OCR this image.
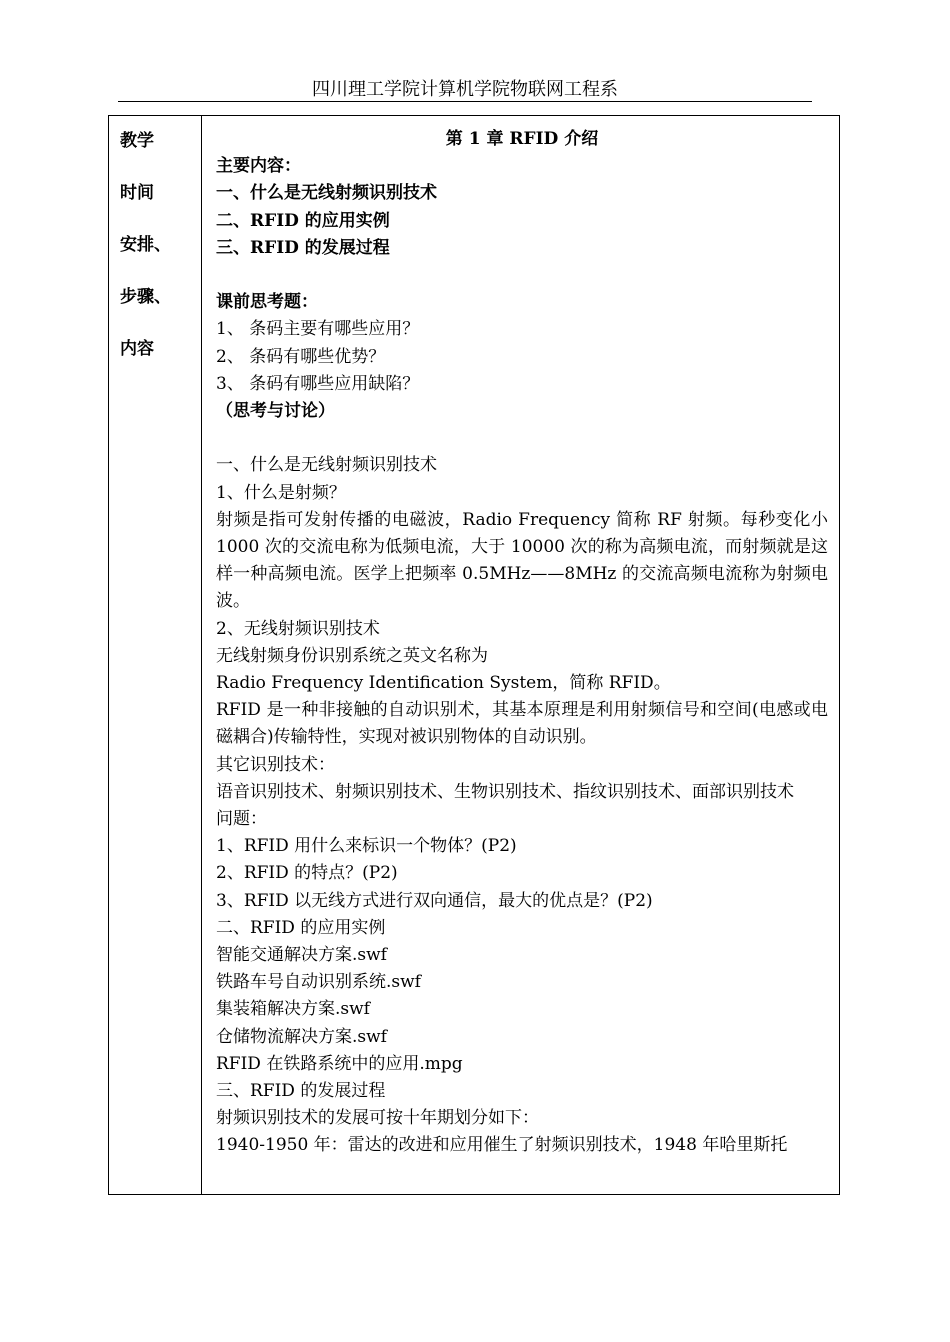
四川理工学院计算机学院物联网工程系
教学
时间
安排、
步骤、
内容
第 1 章 RFID 介绍
主要内容：
一、什么是无线射频识别技术
二、RFID 的应用实例
三、RFID 的发展过程
课前思考题：
1、 条码主要有哪些应用？
2、 条码有哪些优势？
3、 条码有哪些应用缺陷？
（思考与讨论）
一、什么是无线射频识别技术
1、什么是射频？
射频是指可发射传播的电磁波，Radio Frequency 简称 RF 射频。每秒变化小 1000 次的交流电称为低频电流，大于 10000 次的称为高频电流，而射频就是这样一种高频电流。医学上把频率 0.5MHz——8MHz 的交流高频电流称为射频电波。
2、无线射频识别技术
无线射频身份识别系统之英文名称为
Radio Frequency Identification System，简称 RFID。
RFID 是一种非接触的自动识别术，其基本原理是利用射频信号和空间(电感或电磁耦合)传输特性，实现对被识别物体的自动识别。
其它识别技术：
语音识别技术、射频识别技术、生物识别技术、指纹识别技术、面部识别技术
问题：
1、RFID 用什么来标识一个物体？(P2)
2、RFID 的特点？(P2)
3、RFID 以无线方式进行双向通信，最大的优点是？(P2)
二、RFID 的应用实例
智能交通解决方案.swf
铁路车号自动识别系统.swf
集装箱解决方案.swf
仓储物流解决方案.swf
RFID 在铁路系统中的应用.mpg
三、RFID 的发展过程
射频识别技术的发展可按十年期划分如下：
1940-1950 年：雷达的改进和应用催生了射频识别技术，1948 年哈里斯托
